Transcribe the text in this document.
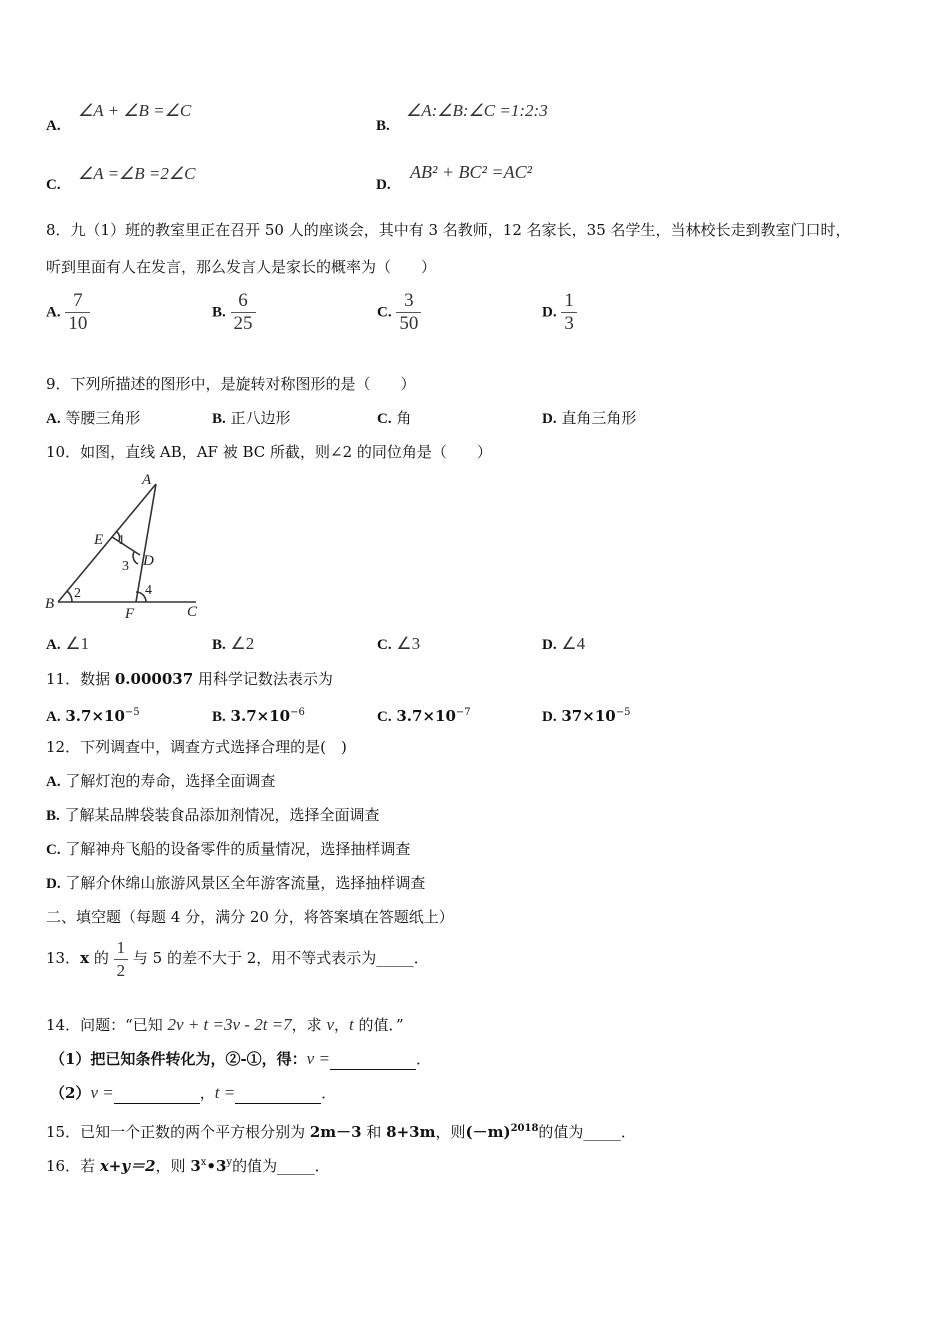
A.
∠A + ∠B =∠C
B.
∠A:∠B:∠C =1:2:3
C.
∠A =∠B =2∠C
D.
AB² + BC² =AC²
8．九（1）班的教室里正在召开 50 人的座谈会，其中有 3 名教师，12 名家长，35 名学生，当林校长走到教室门口时，
听到里面有人在发言，那么发言人是家长的概率为（　　）
A. $\frac{7}{10}$	B. $\frac{6}{25}$	C. $\frac{3}{50}$	D. $\frac{1}{3}$
9．下列所描述的图形中，是旋转对称图形的是（　　）
A. 等腰三角形	B. 正八边形	C. 角	D. 直角三角形
10．如图，直线 AB，AF 被 BC 所截，则∠2 的同位角是（　　）
A
B	C
D
E
F
1
2
3
4
A. ∠1	B. ∠2	C. ∠3	D. ∠4
11．数据 0.000037 用科学记数法表示为
A. $3.7\times 10^{-5}$	B. $3.7\times 10^{-6}$	C. $3.7\times 10^{-7}$	D. $37\times 10^{-5}$
12．下列调查中，调查方式选择合理的是(　)
A. 了解灯泡的寿命，选择全面调查
B. 了解某品牌袋装食品添加剂情况，选择全面调查
C. 了解神舟飞船的设备零件的质量情况，选择抽样调查
D. 了解介休绵山旅游风景区全年游客流量，选择抽样调查
二、填空题（每题 4 分，满分 20 分，将答案填在答题纸上）
13．x 的 $\frac{1}{2}$ 与 5 的差不大于 2，用不等式表示为_____．
14．问题：“已知 2v + t =3v - 2t =7，求 v，t 的值．”
（1）把已知条件转化为，②-①，得：v =	．
（2）v =	，t =	．
15．已知一个正数的两个平方根分别为 2m－3 和 8+3m，则$(-m)^{2018}$的值为_____．
16．若 x+y＝2，则 3$^x$•3$^y$的值为_____．
